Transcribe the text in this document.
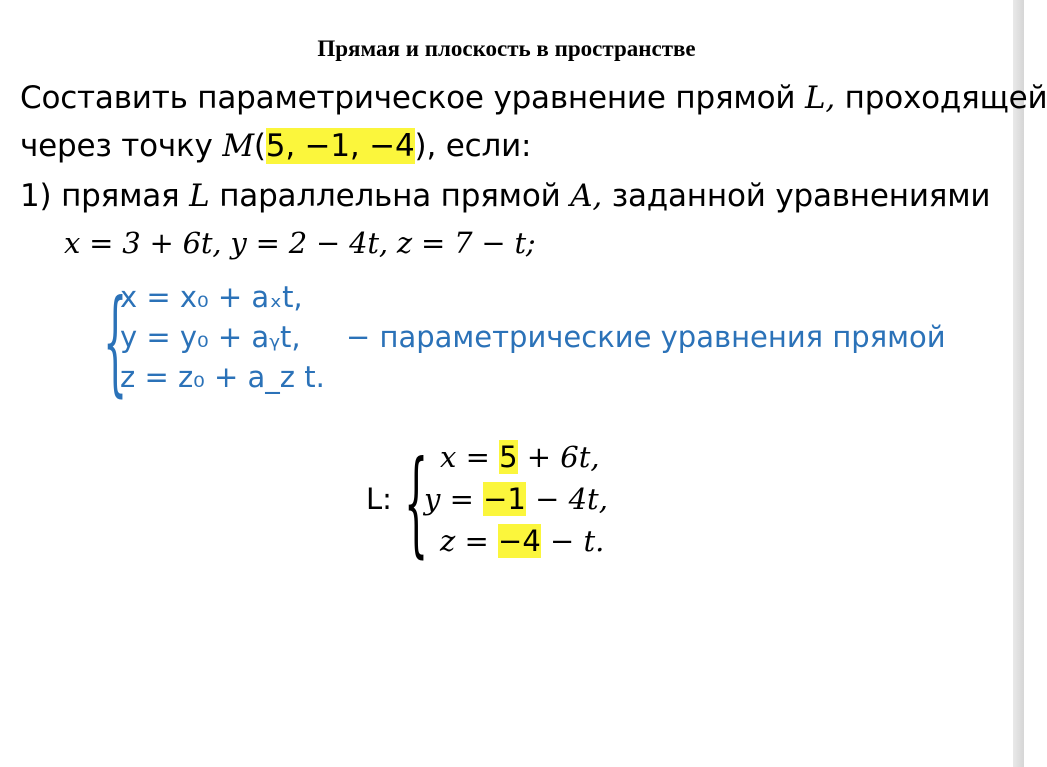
Прямая и плоскость в пространстве
Составить параметрическое уравнение прямой L, проходящей
через точку M(5, −1, −4), если:
1) прямая L параллельна прямой A, заданной уравнениями
x = 3 + 6t, y = 2 − 4t, z = 7 − t;
{
x = x₀ + aₓt,
y = y₀ + aᵧt,
z = z₀ + a_z t.
− параметрические уравнения прямой
L: { x = 5 + 6t,
y = −1 − 4t,
z = −4 − t.
